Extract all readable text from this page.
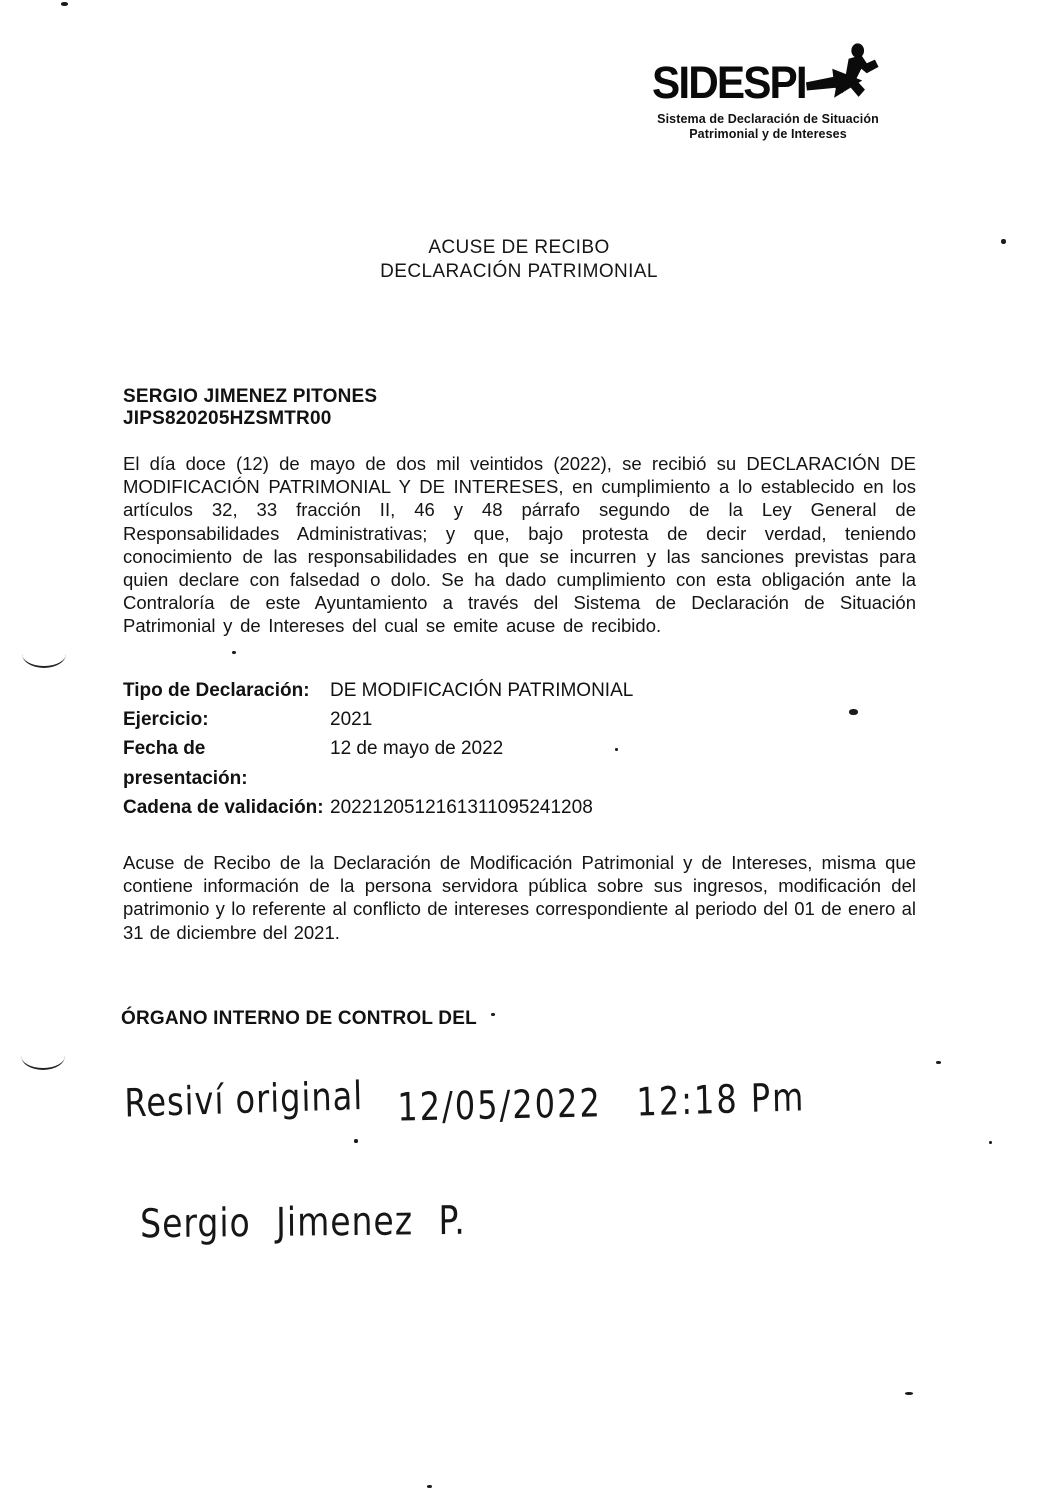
SIDESPI
Sistema de Declaración de Situación
Patrimonial y de Intereses
ACUSE DE RECIBO
DECLARACIÓN PATRIMONIAL
SERGIO JIMENEZ PITONES
JIPS820205HZSMTR00
El día doce (12) de mayo de dos mil veintidos (2022), se recibió su DECLARACIÓN DE MODIFICACIÓN PATRIMONIAL Y DE INTERESES, en cumplimiento a lo establecido en los artículos 32, 33 fracción II, 46 y 48 párrafo segundo de la Ley General de Responsabilidades Administrativas; y que, bajo protesta de decir verdad, teniendo conocimiento de las responsabilidades en que se incurren y las sanciones previstas para quien declare con falsedad o dolo. Se ha dado cumplimiento con esta obligación ante la Contraloría de este Ayuntamiento a través del Sistema de Declaración de Situación Patrimonial y de Intereses del cual se emite acuse de recibido.
Tipo de Declaración:	DE MODIFICACIÓN PATRIMONIAL
Ejercicio:	2021
Fecha de presentación:
12 de mayo de 2022
Cadena de validación: 2022120512161311095241208
Acuse de Recibo de la Declaración de Modificación Patrimonial y de Intereses, misma que contiene información de la persona servidora pública sobre sus ingresos, modificación del patrimonio y lo referente al conflicto de intereses correspondiente al periodo del 01 de enero al 31 de diciembre del 2021.
ÓRGANO INTERNO DE CONTROL DEL
Resiví original 12/05/2022 12:18 Pm
Sergio Jimenez P.
